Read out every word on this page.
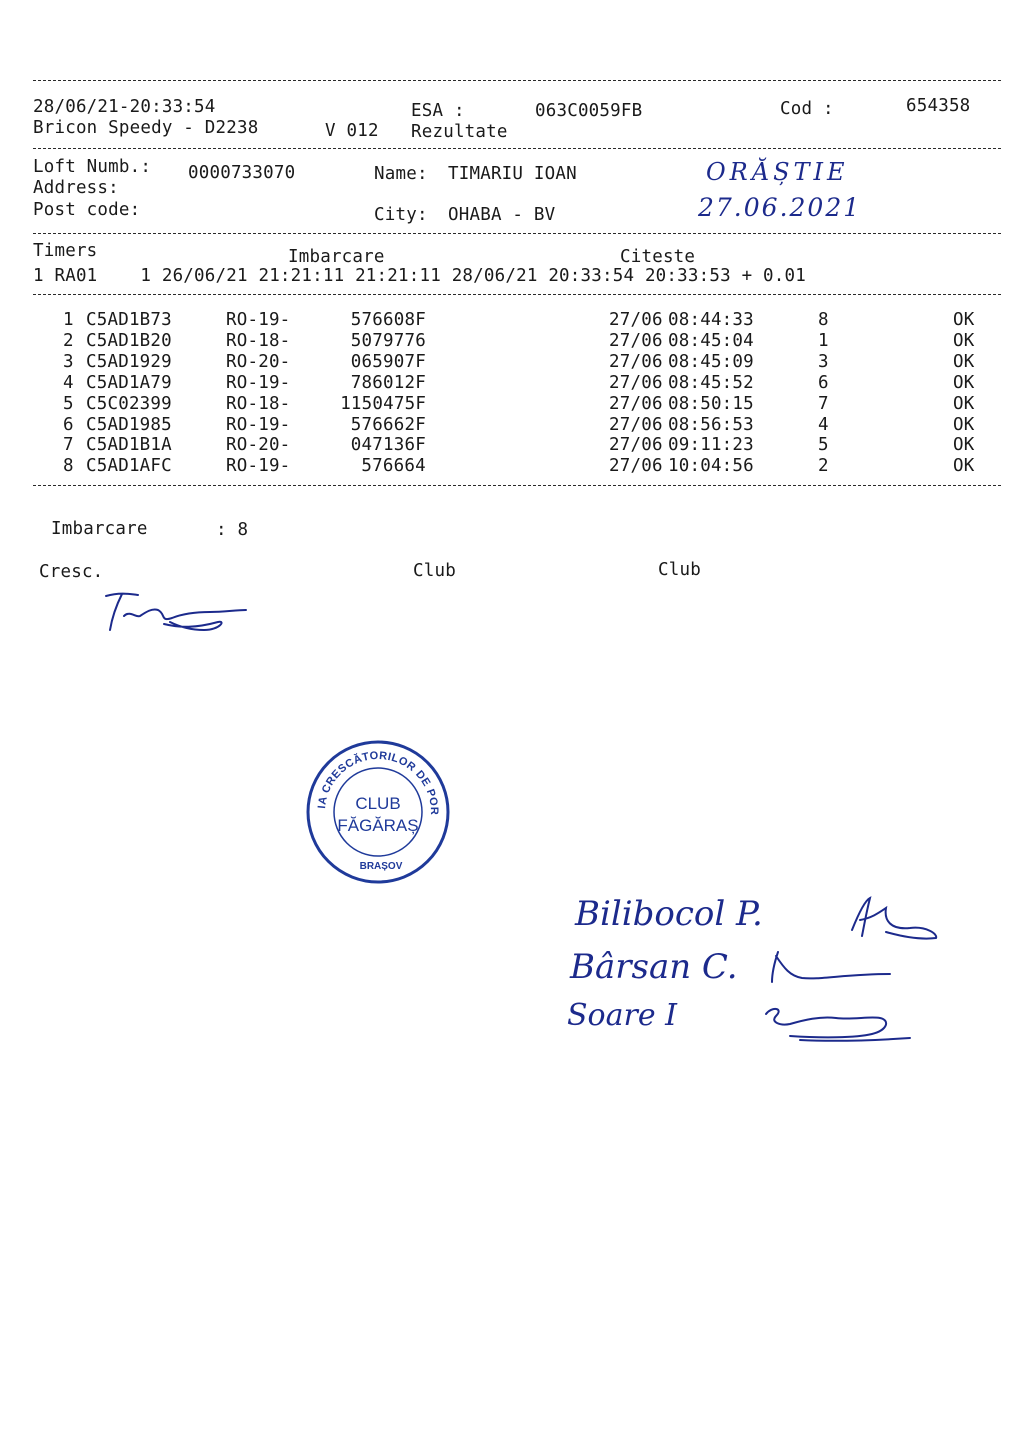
28/06/21-20:33:54	ESA :	063C0059FB	Cod :	654358
Bricon Speedy - D2238	V 012 Rezultate
Loft Numb.: 0000733070	Name: TIMARIU IOAN
Address:
Post code:	City: OHABA - BV
ORĂȘTIE
27.06.2021
Timers	Imbarcare	Citeste
1 RA01    1 26/06/21 21:21:11 21:21:11 28/06/21 20:33:54 20:33:53 + 0.01
1 C5AD1B73	RO-19-	576608F	27/06 08:44:33	8	OK
2 C5AD1B20	RO-18-	5079776	27/06 08:45:04	1	OK
3 C5AD1929	RO-20-	065907F	27/06 08:45:09	3	OK
4 C5AD1A79	RO-19-	786012F	27/06 08:45:52	6	OK
5 C5C02399	RO-18-	1150475F	27/06 08:50:15	7	OK
6 C5AD1985	RO-19-	576662F	27/06 08:56:53	4	OK
7 C5AD1B1A	RO-20-	047136F	27/06 09:11:23	5	OK
8 C5AD1AFC	RO-19-	576664	27/06 10:04:56	2	OK
Imbarcare	: 8
Cresc.	Club	Club
IA CRESCĂTORILOR DE POR
CLUB
FĂGĂRAȘ
BRAȘOV
Bilibocol P.
Bârsan C.
Soare I
